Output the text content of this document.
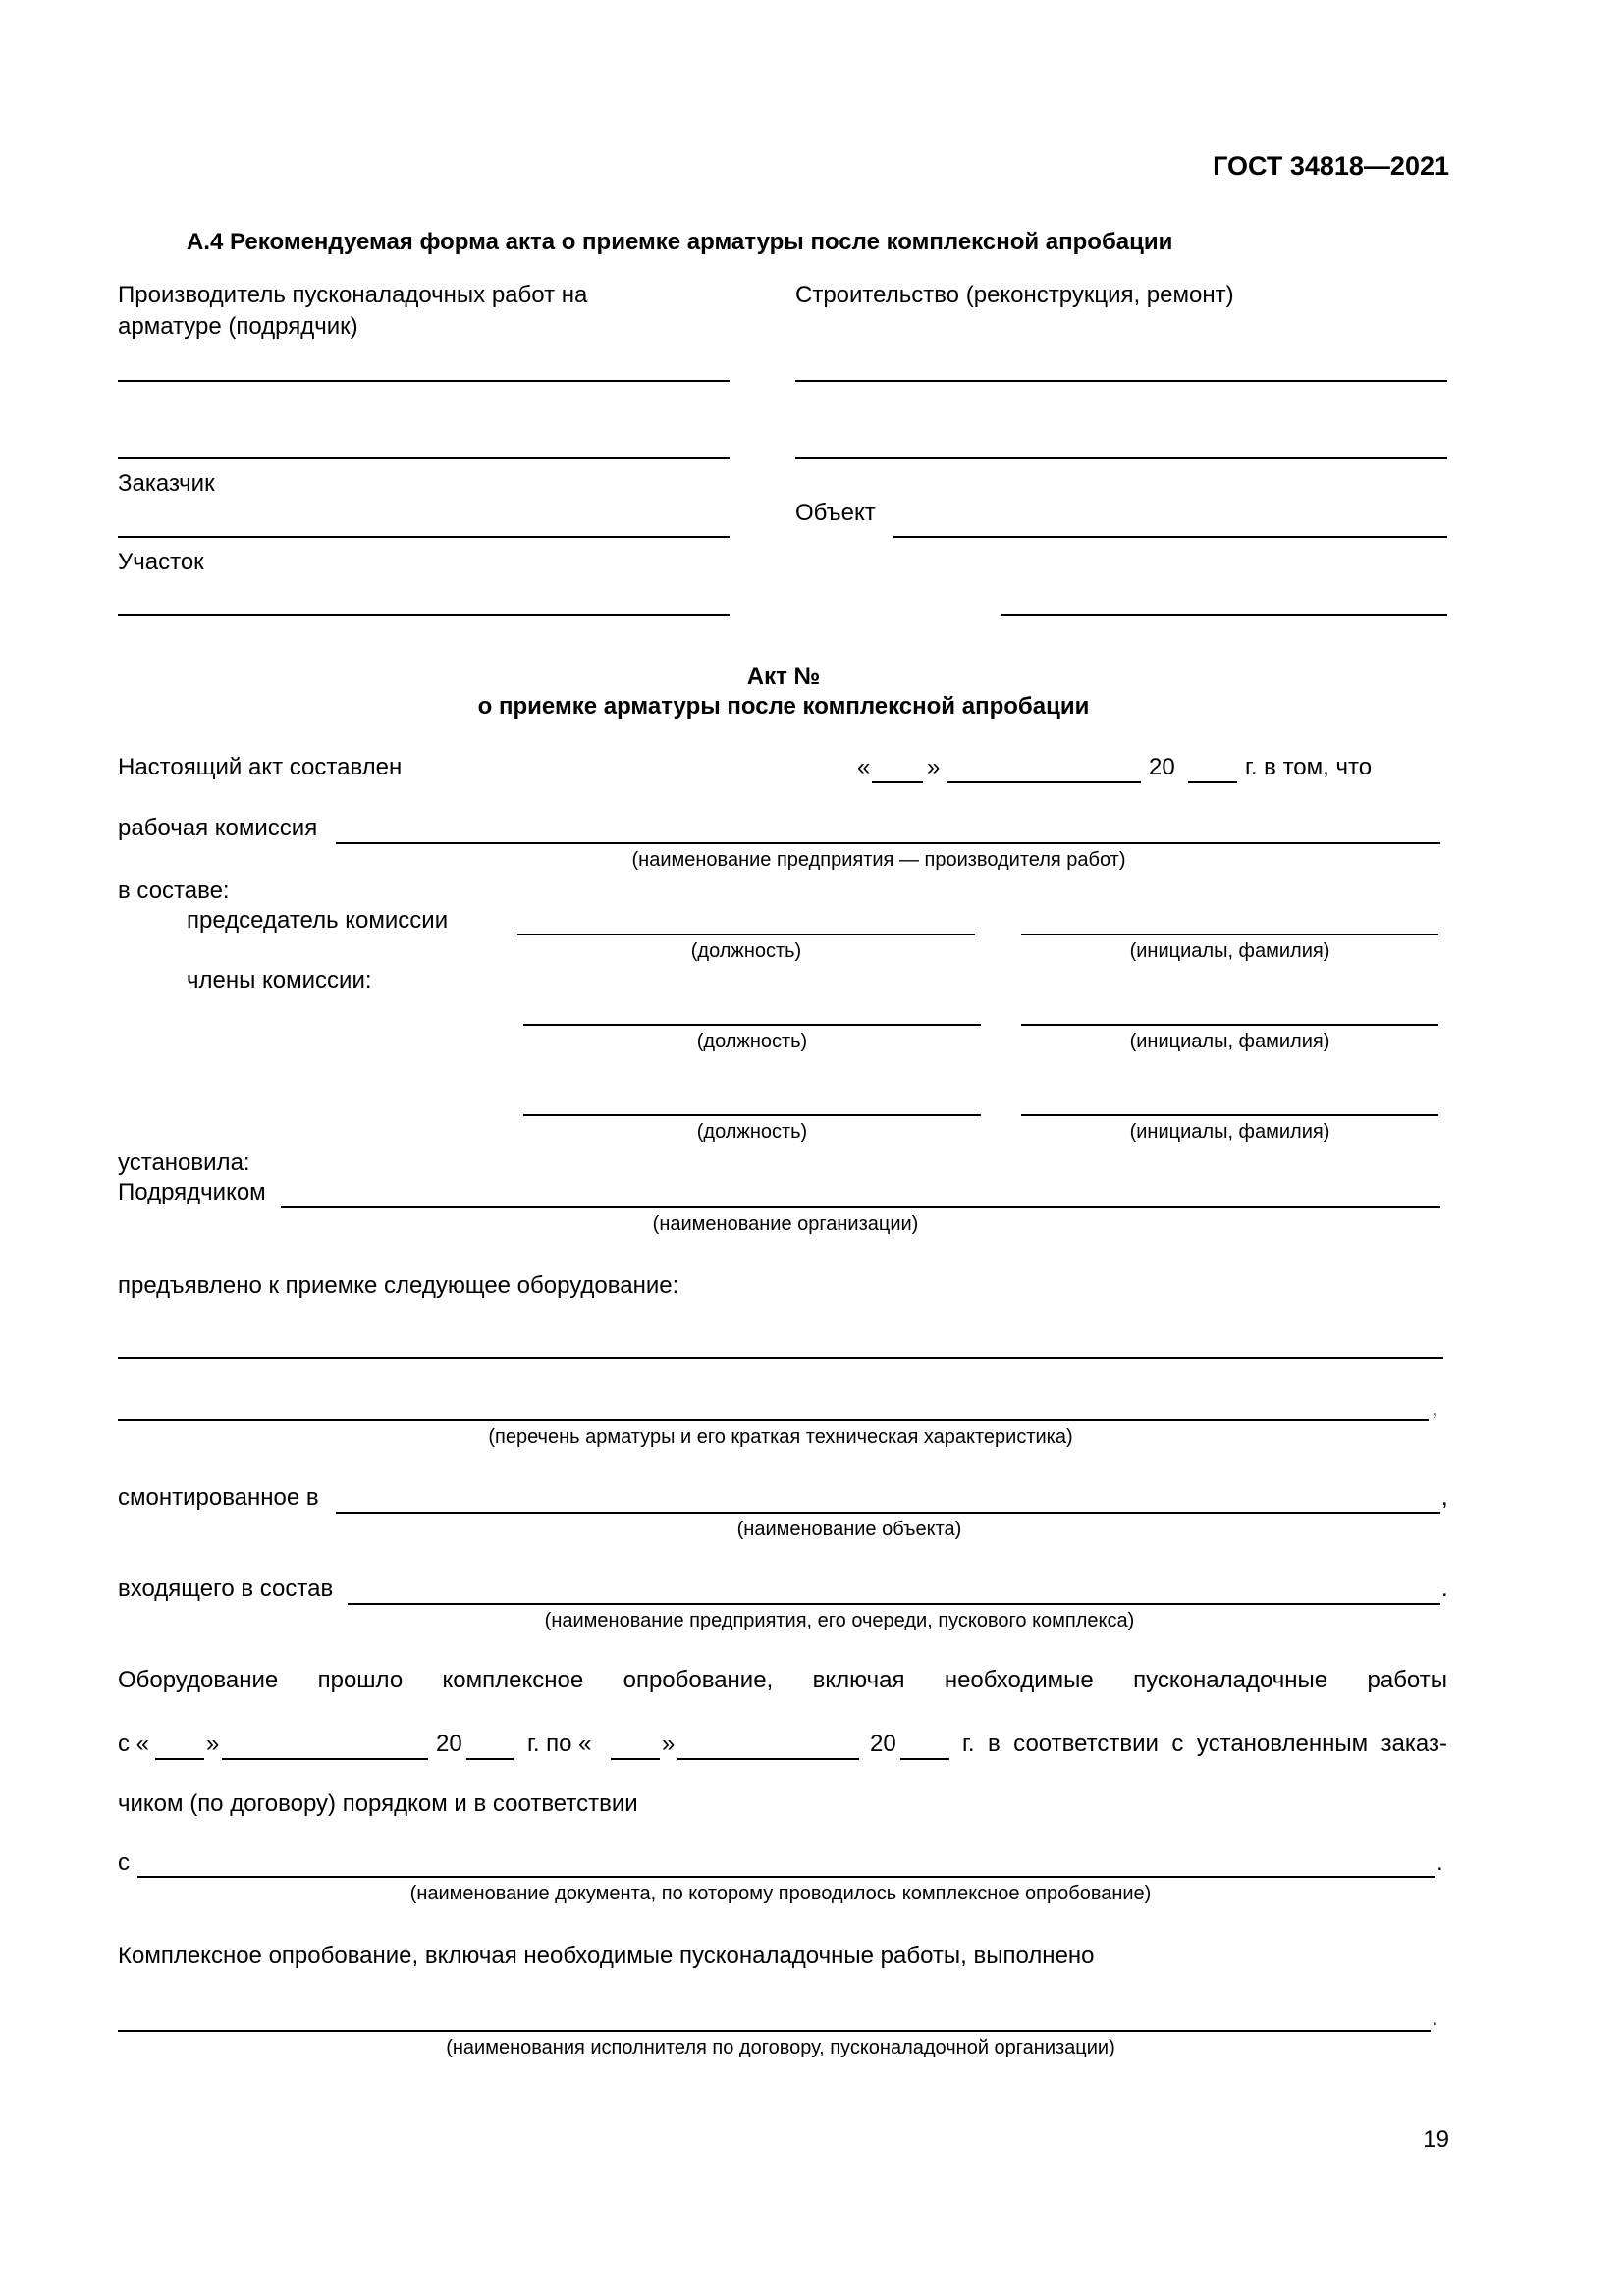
ГОСТ 34818—2021
А.4 Рекомендуемая форма акта о приемке арматуры после комплексной апробации
Производитель пусконаладочных работ на
арматуре (подрядчик)
Строительство (реконструкция, ремонт)
Заказчик
Объект
Участок
Акт №
о приемке арматуры после комплексной апробации
Настоящий акт составлен	« »	20	г. в том, что
рабочая комиссия
(наименование предприятия — производителя работ)
в составе:
председатель комиссии
(должность)	(инициалы, фамилия)
члены комиссии:
(должность)	(инициалы, фамилия)
(должность)	(инициалы, фамилия)
установила:
Подрядчиком
(наименование организации)
предъявлено к приемке следующее оборудование:
,
(перечень арматуры и его краткая техническая характеристика)
смонтированное в	,
(наименование объекта)
входящего в состав	.
(наименование предприятия, его очереди, пускового комплекса)
Оборудование прошло комплексное опробование, включая необходимые пусконаладочные работы
с « »	20	г. по «	»	20	г. в соответствии с установленным заказ-
чиком (по договору) порядком и в соответствии
с	.
(наименование документа, по которому проводилось комплексное опробование)
Комплексное опробование, включая необходимые пусконаладочные работы, выполнено
.
(наименования исполнителя по договору, пусконаладочной организации)
19
